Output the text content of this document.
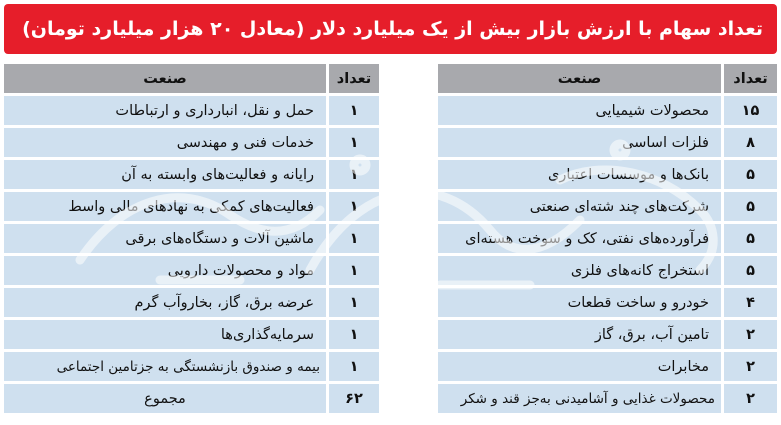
تعداد سهام با ارزش بازار بیش از یک میلیارد دلار (معادل ۲۰ هزار میلیارد تومان)
تعداد		صنعت
۱۵		محصولات شیمیایی
۸		فلزات اساسی
۵		بانک‌ها و موسسات اعتباری
۵		شرکت‌های چند شته‌ای صنعتی
۵		فرآورده‌های نفتی، کک و سوخت هسته‌ای
۵		استخراج کانه‌های فلزی
۴		خودرو و ساخت قطعات
۲		تامین آب، برق، گاز
۲		مخابرات
۲		محصولات غذایی و آشامیدنی به‌جز قند و شکر
تعداد		صنعت
۱		حمل و نقل، انبارداری و ارتباطات
۱		خدمات فنی و مهندسی
۱		رایانه و فعالیت‌های وابسته به آن
۱		فعالیت‌های کمکی به نهادهای مالی واسط
۱		ماشین آلات و دستگاه‌های برقی
۱		مواد و محصولات دارویی
۱		عرضه برق، گاز، بخاروآب گرم
۱		سرمایه‌گذاری‌ها
۱		بیمه و صندوق بازنشستگی به جزتامین اجتماعی
۶۲		مجموع
